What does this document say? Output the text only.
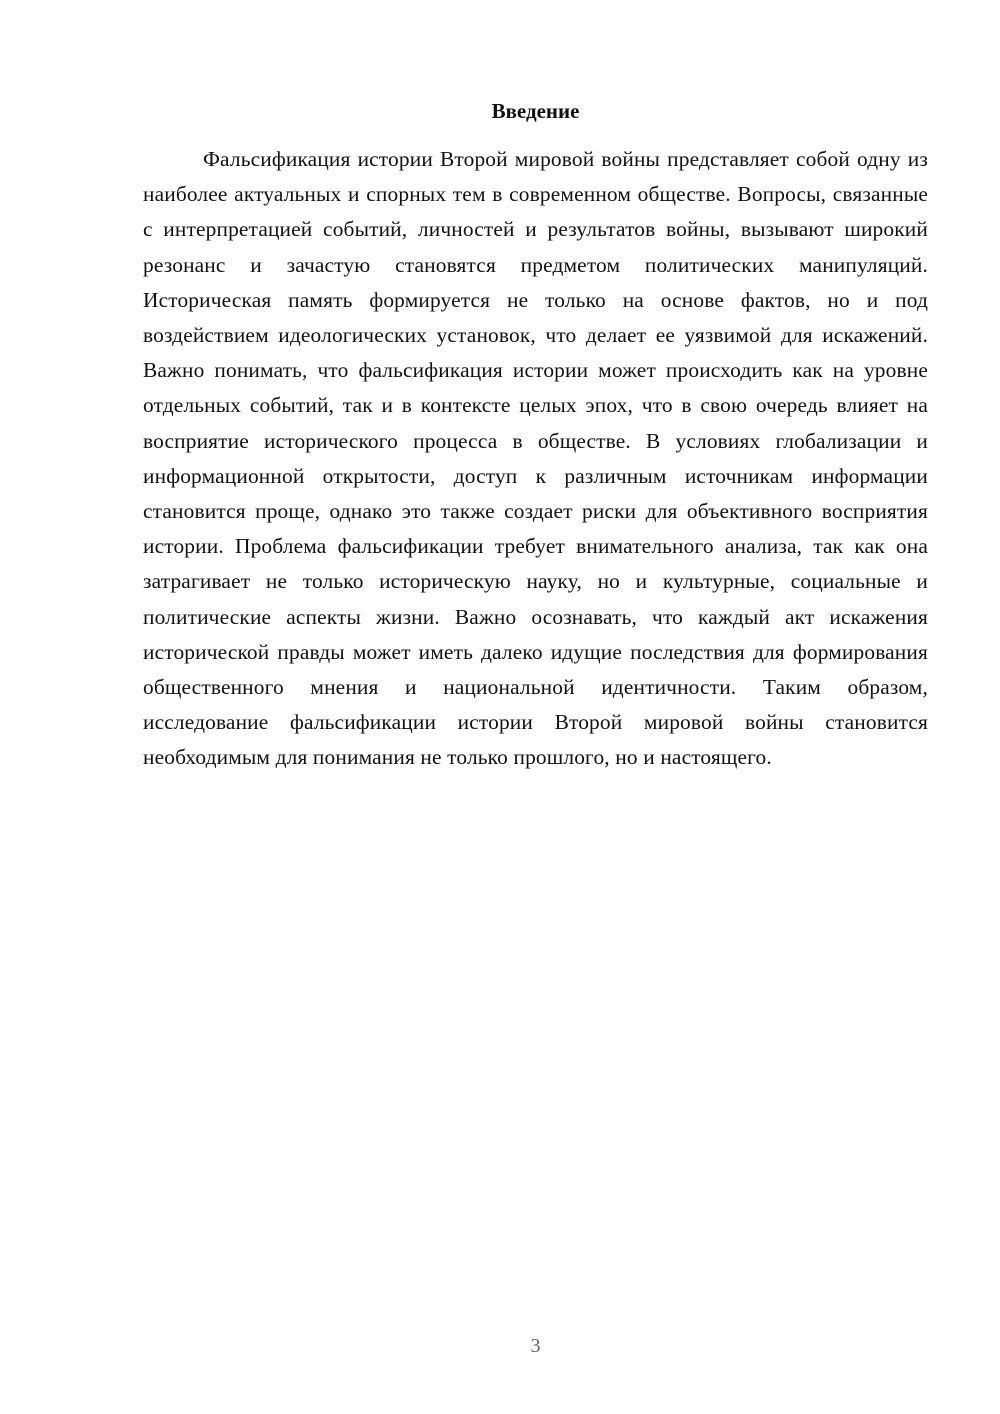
Введение

Фальсификация истории Второй мировой войны представляет собой одну из наиболее актуальных и спорных тем в современном обществе. Вопросы, связанные с интерпретацией событий, личностей и результатов войны, вызывают широкий резонанс и зачастую становятся предметом политических манипуляций. Историческая память формируется не только на основе фактов, но и под воздействием идеологических установок, что делает ее уязвимой для искажений. Важно понимать, что фальсификация истории может происходить как на уровне отдельных событий, так и в контексте целых эпох, что в свою очередь влияет на восприятие исторического процесса в обществе. В условиях глобализации и информационной открытости, доступ к различным источникам информации становится проще, однако это также создает риски для объективного восприятия истории. Проблема фальсификации требует внимательного анализа, так как она затрагивает не только историческую науку, но и культурные, социальные и политические аспекты жизни. Важно осознавать, что каждый акт искажения исторической правды может иметь далеко идущие последствия для формирования общественного мнения и национальной идентичности. Таким образом, исследование фальсификации истории Второй мировой войны становится необходимым для понимания не только прошлого, но и настоящего.

3
